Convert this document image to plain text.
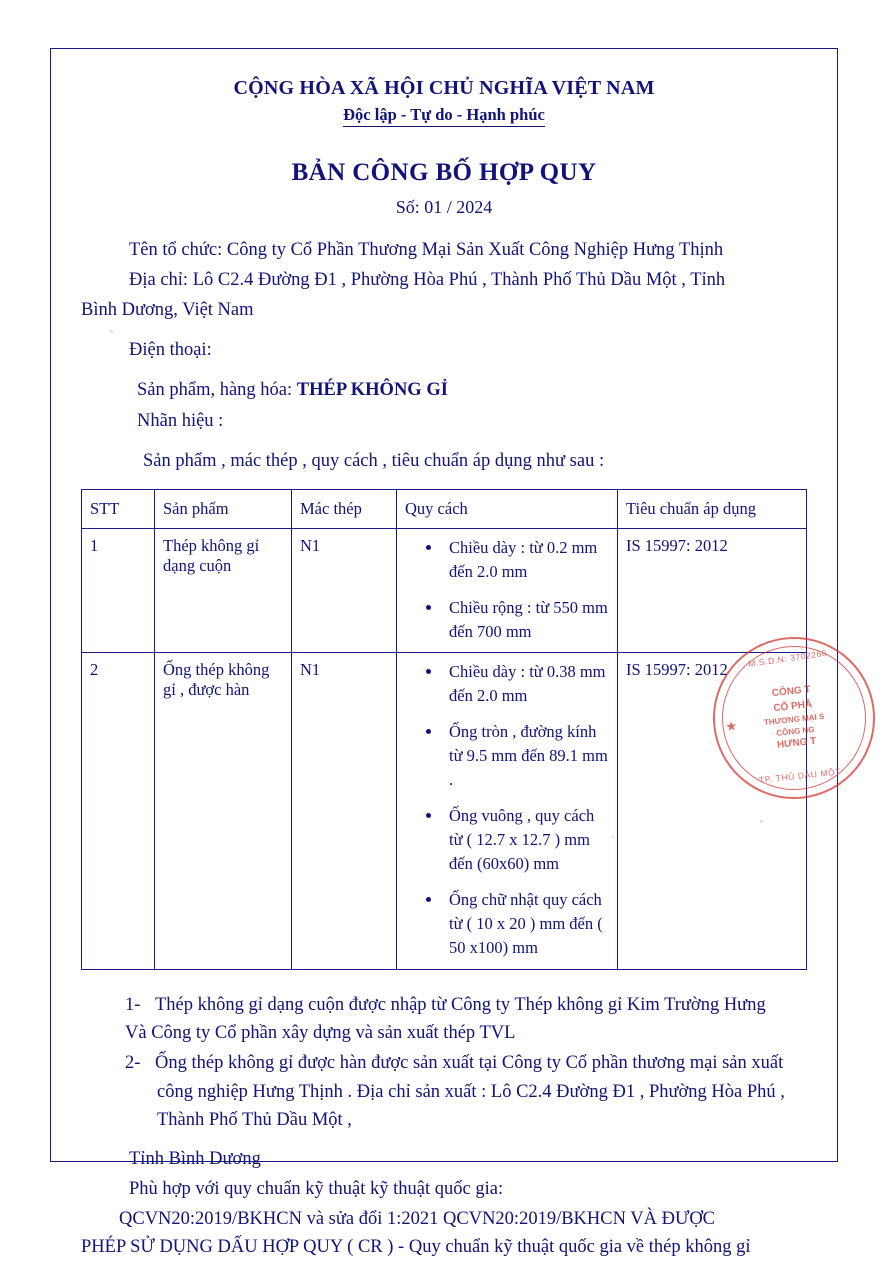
CỘNG HÒA XÃ HỘI CHỦ NGHĨA VIỆT NAM
Độc lập - Tự do - Hạnh phúc
BẢN CÔNG BỐ HỢP QUY
Số: 01 / 2024

Tên tổ chức: Công ty Cổ Phần Thương Mại Sản Xuất Công Nghiệp Hưng Thịnh

Địa chỉ: Lô C2.4 Đường Đ1 , Phường Hòa Phú , Thành Phố Thủ Dầu Một , Tỉnh

Bình Dương, Việt Nam

Điện thoại:

Sản phẩm, hàng hóa: THÉP KHÔNG GỈ

Nhãn hiệu :

Sản phẩm , mác thép , quy cách , tiêu chuẩn áp dụng như sau :

STT	Sản phẩm	Mác thép	Quy cách	Tiêu chuẩn áp dụng
1	Thép không gỉ dạng cuộn	N1	
•Chiều dày : từ 0.2 mm đến 2.0 mm
• Chiều rộng : từ 550 mm đến 700 mm
	IS 15997: 2012
2	Ống thép không gỉ , được hàn	N1	
•Chiều dày : từ 0.38 mm đến 2.0 mm
• Ống tròn , đường kính từ 9.5 mm đến 89.1 mm .
• Ống vuông , quy cách từ ( 12.7 x 12.7 ) mm đến (60x60) mm
• Ống chữ nhật quy cách từ ( 10 x 20 ) mm đến ( 50 x100) mm
	IS 15997: 2012
1- Thép không gỉ dạng cuộn được nhập từ Công ty Thép không gỉ Kim Trường Hưng
Và Công ty Cổ phần xây dựng và sản xuất thép TVL
2- Ống thép không gỉ được hàn được sản xuất tại Công ty Cổ phần thương mại sản xuất
công nghiệp Hưng Thịnh . Địa chỉ sản xuất : Lô C2.4 Đường Đ1 , Phường Hòa Phú ,
Thành Phố Thủ Dầu Một ,
Tỉnh Bình Dương
Phù hợp với quy chuẩn kỹ thuật kỹ thuật quốc gia:
QCVN20:2019/BKHCN và sửa đổi 1:2021 QCVN20:2019/BKHCN VÀ ĐƯỢC
PHÉP SỬ DỤNG DẤU HỢP QUY ( CR ) - Quy chuẩn kỹ thuật quốc gia về thép không gỉ
M.S.D.N: 3702266
★
CÔNG T
CỔ PHẦ
THƯƠNG MẠI S
CÔNG NG
HƯNG T
TP. THỦ DẦU MỘT
